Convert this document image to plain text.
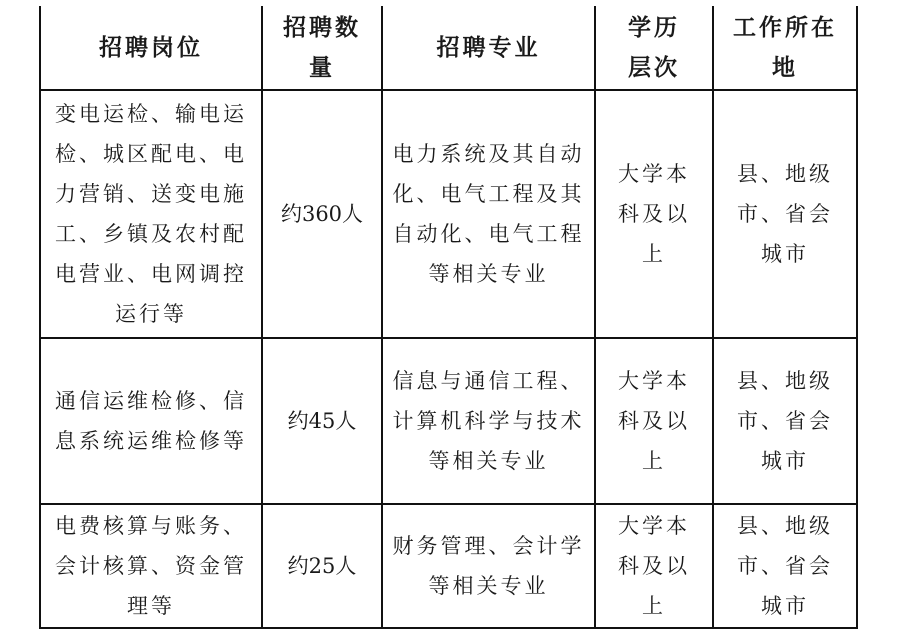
招聘岗位	招聘数量	招聘专业	学历层次	工作所在地
变电运检、输电运检、城区配电、电力营销、送变电施工、乡镇及农村配电营业、电网调控运行等	约360人	电力系统及其自动化、电气工程及其自动化、电气工程等相关专业	大学本科及以上	县、地级市、省会城市
通信运维检修、信息系统运维检修等	约45人	信息与通信工程、计算机科学与技术等相关专业	大学本科及以上	县、地级市、省会城市
电费核算与账务、会计核算、资金管理等	约25人	财务管理、会计学等相关专业	大学本科及以上	县、地级市、省会城市
